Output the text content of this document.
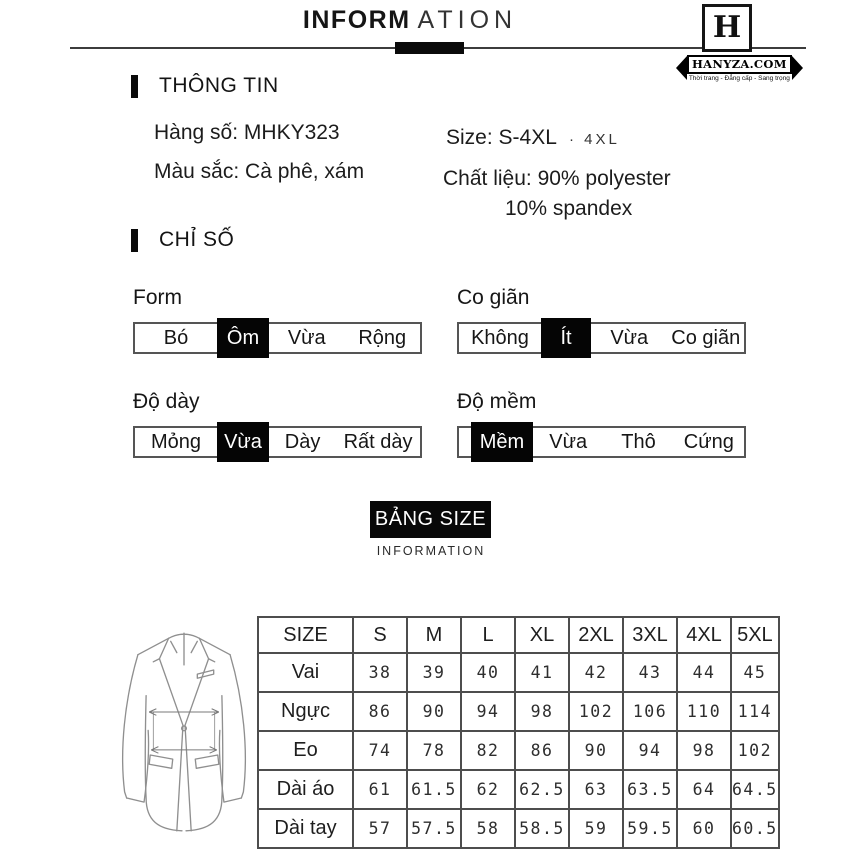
INFORM ATION	H
HANYZA.COM
Thời trang - Đẳng cấp - Sang trọng
THÔNG TIN
Hàng số: MHKY323
Màu sắc: Cà phê, xám
Size: S-4XL · 4XL
Chất liệu: 90% polyester
10% spandex
CHỈ SỐ
Form
Bó	Ôm	Vừa	Rộng
Co giãn
Không	Ít	Vừa	Co giãn
Độ dày
Mỏng	Vừa	Dày	Rất dày
Độ mềm
Mềm	Vừa	Thô	Cứng
BẢNG SIZE
INFORMATION
SIZE	S	M	L	XL	2XL	3XL	4XL	5XL
Vai	38	39	40	41	42	43	44	45
Ngực	86	90	94	98	102	106	110	114
Eo	74	78	82	86	90	94	98	102
Dài áo	61	61.5	62	62.5	63	63.5	64	64.5
Dài tay	57	57.5	58	58.5	59	59.5	60	60.5
